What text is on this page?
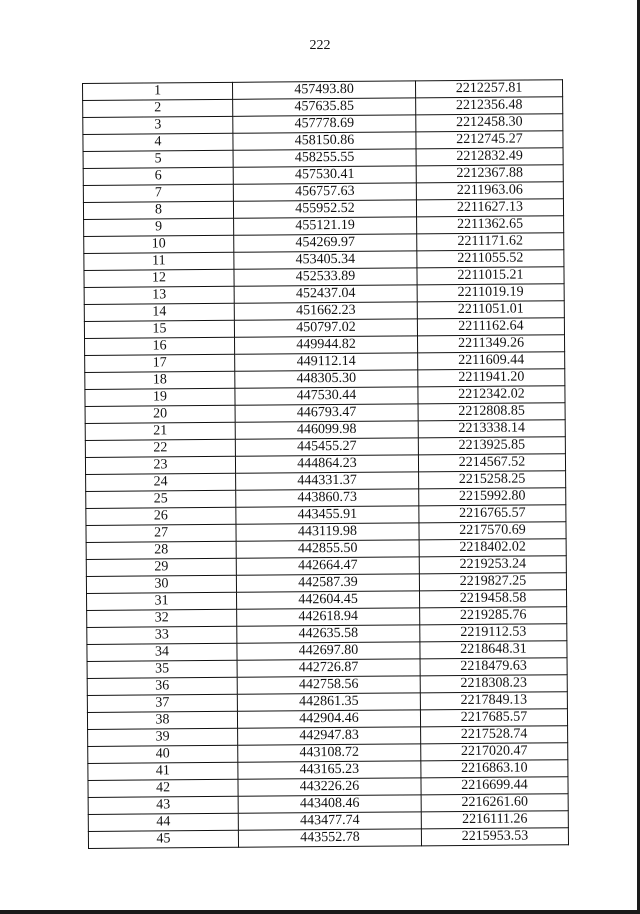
222
1	457493.80	2212257.81
2	457635.85	2212356.48
3	457778.69	2212458.30
4	458150.86	2212745.27
5	458255.55	2212832.49
6	457530.41	2212367.88
7	456757.63	2211963.06
8	455952.52	2211627.13
9	455121.19	2211362.65
10	454269.97	2211171.62
11	453405.34	2211055.52
12	452533.89	2211015.21
13	452437.04	2211019.19
14	451662.23	2211051.01
15	450797.02	2211162.64
16	449944.82	2211349.26
17	449112.14	2211609.44
18	448305.30	2211941.20
19	447530.44	2212342.02
20	446793.47	2212808.85
21	446099.98	2213338.14
22	445455.27	2213925.85
23	444864.23	2214567.52
24	444331.37	2215258.25
25	443860.73	2215992.80
26	443455.91	2216765.57
27	443119.98	2217570.69
28	442855.50	2218402.02
29	442664.47	2219253.24
30	442587.39	2219827.25
31	442604.45	2219458.58
32	442618.94	2219285.76
33	442635.58	2219112.53
34	442697.80	2218648.31
35	442726.87	2218479.63
36	442758.56	2218308.23
37	442861.35	2217849.13
38	442904.46	2217685.57
39	442947.83	2217528.74
40	443108.72	2217020.47
41	443165.23	2216863.10
42	443226.26	2216699.44
43	443408.46	2216261.60
44	443477.74	2216111.26
45	443552.78	2215953.53
